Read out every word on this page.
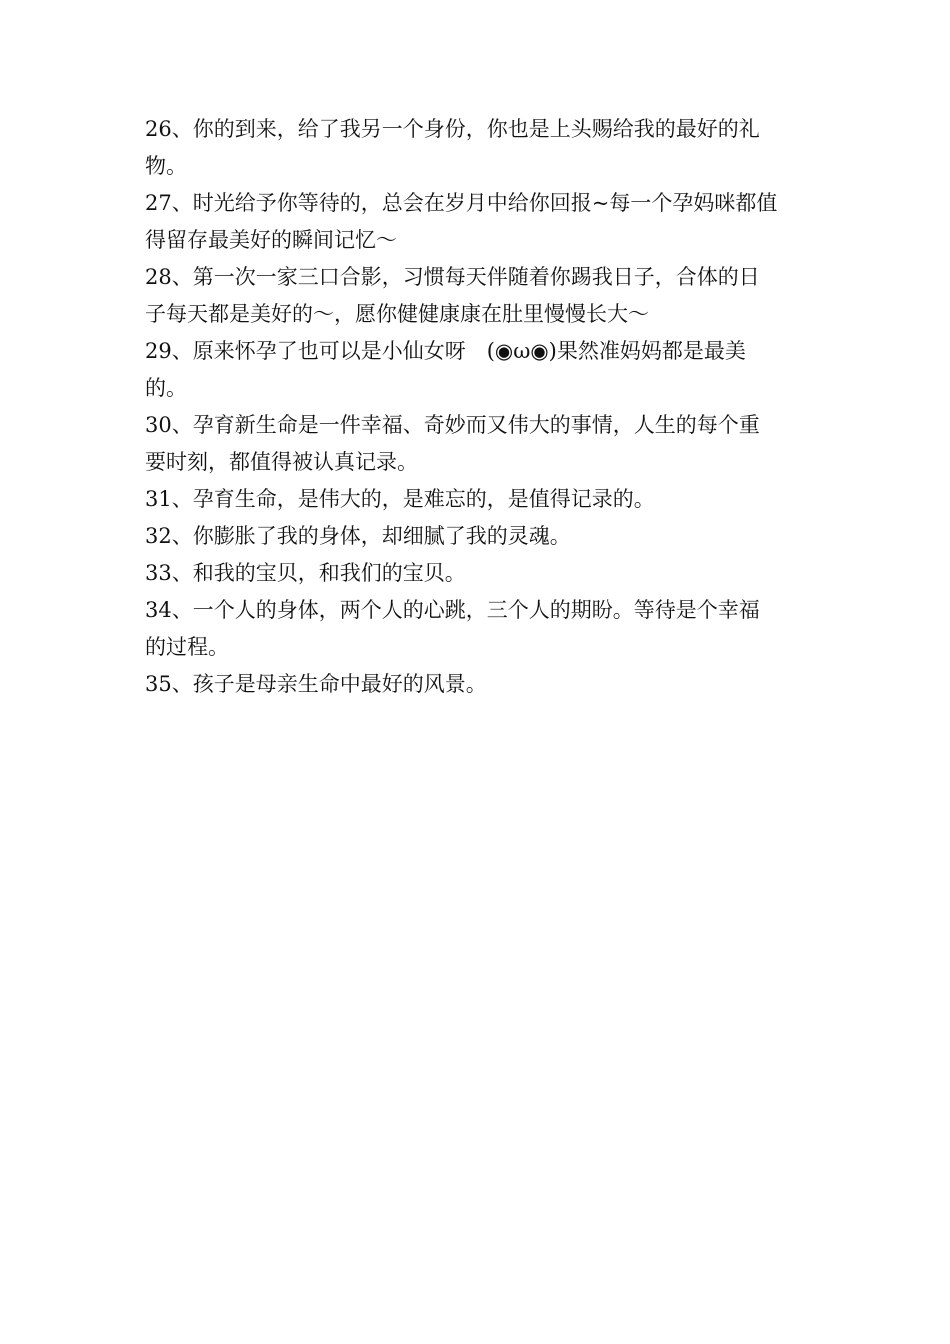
26、你的到来，给了我另一个身份，你也是上头赐给我的最好的礼
物。

27、时光给予你等待的，总会在岁月中给你回报~每一个孕妈咪都值
得留存最美好的瞬间记忆～

28、第一次一家三口合影，习惯每天伴随着你踢我日子，合体的日
子每天都是美好的～，愿你健健康康在肚里慢慢长大～

29、原来怀孕了也可以是小仙女呀　(◉ω◉)果然准妈妈都是最美
的。

30、孕育新生命是一件幸福、奇妙而又伟大的事情，人生的每个重
要时刻，都值得被认真记录。

31、孕育生命，是伟大的，是难忘的，是值得记录的。

32、你膨胀了我的身体，却细腻了我的灵魂。

33、和我的宝贝，和我们的宝贝。

34、一个人的身体，两个人的心跳，三个人的期盼。等待是个幸福
的过程。

35、孩子是母亲生命中最好的风景。
